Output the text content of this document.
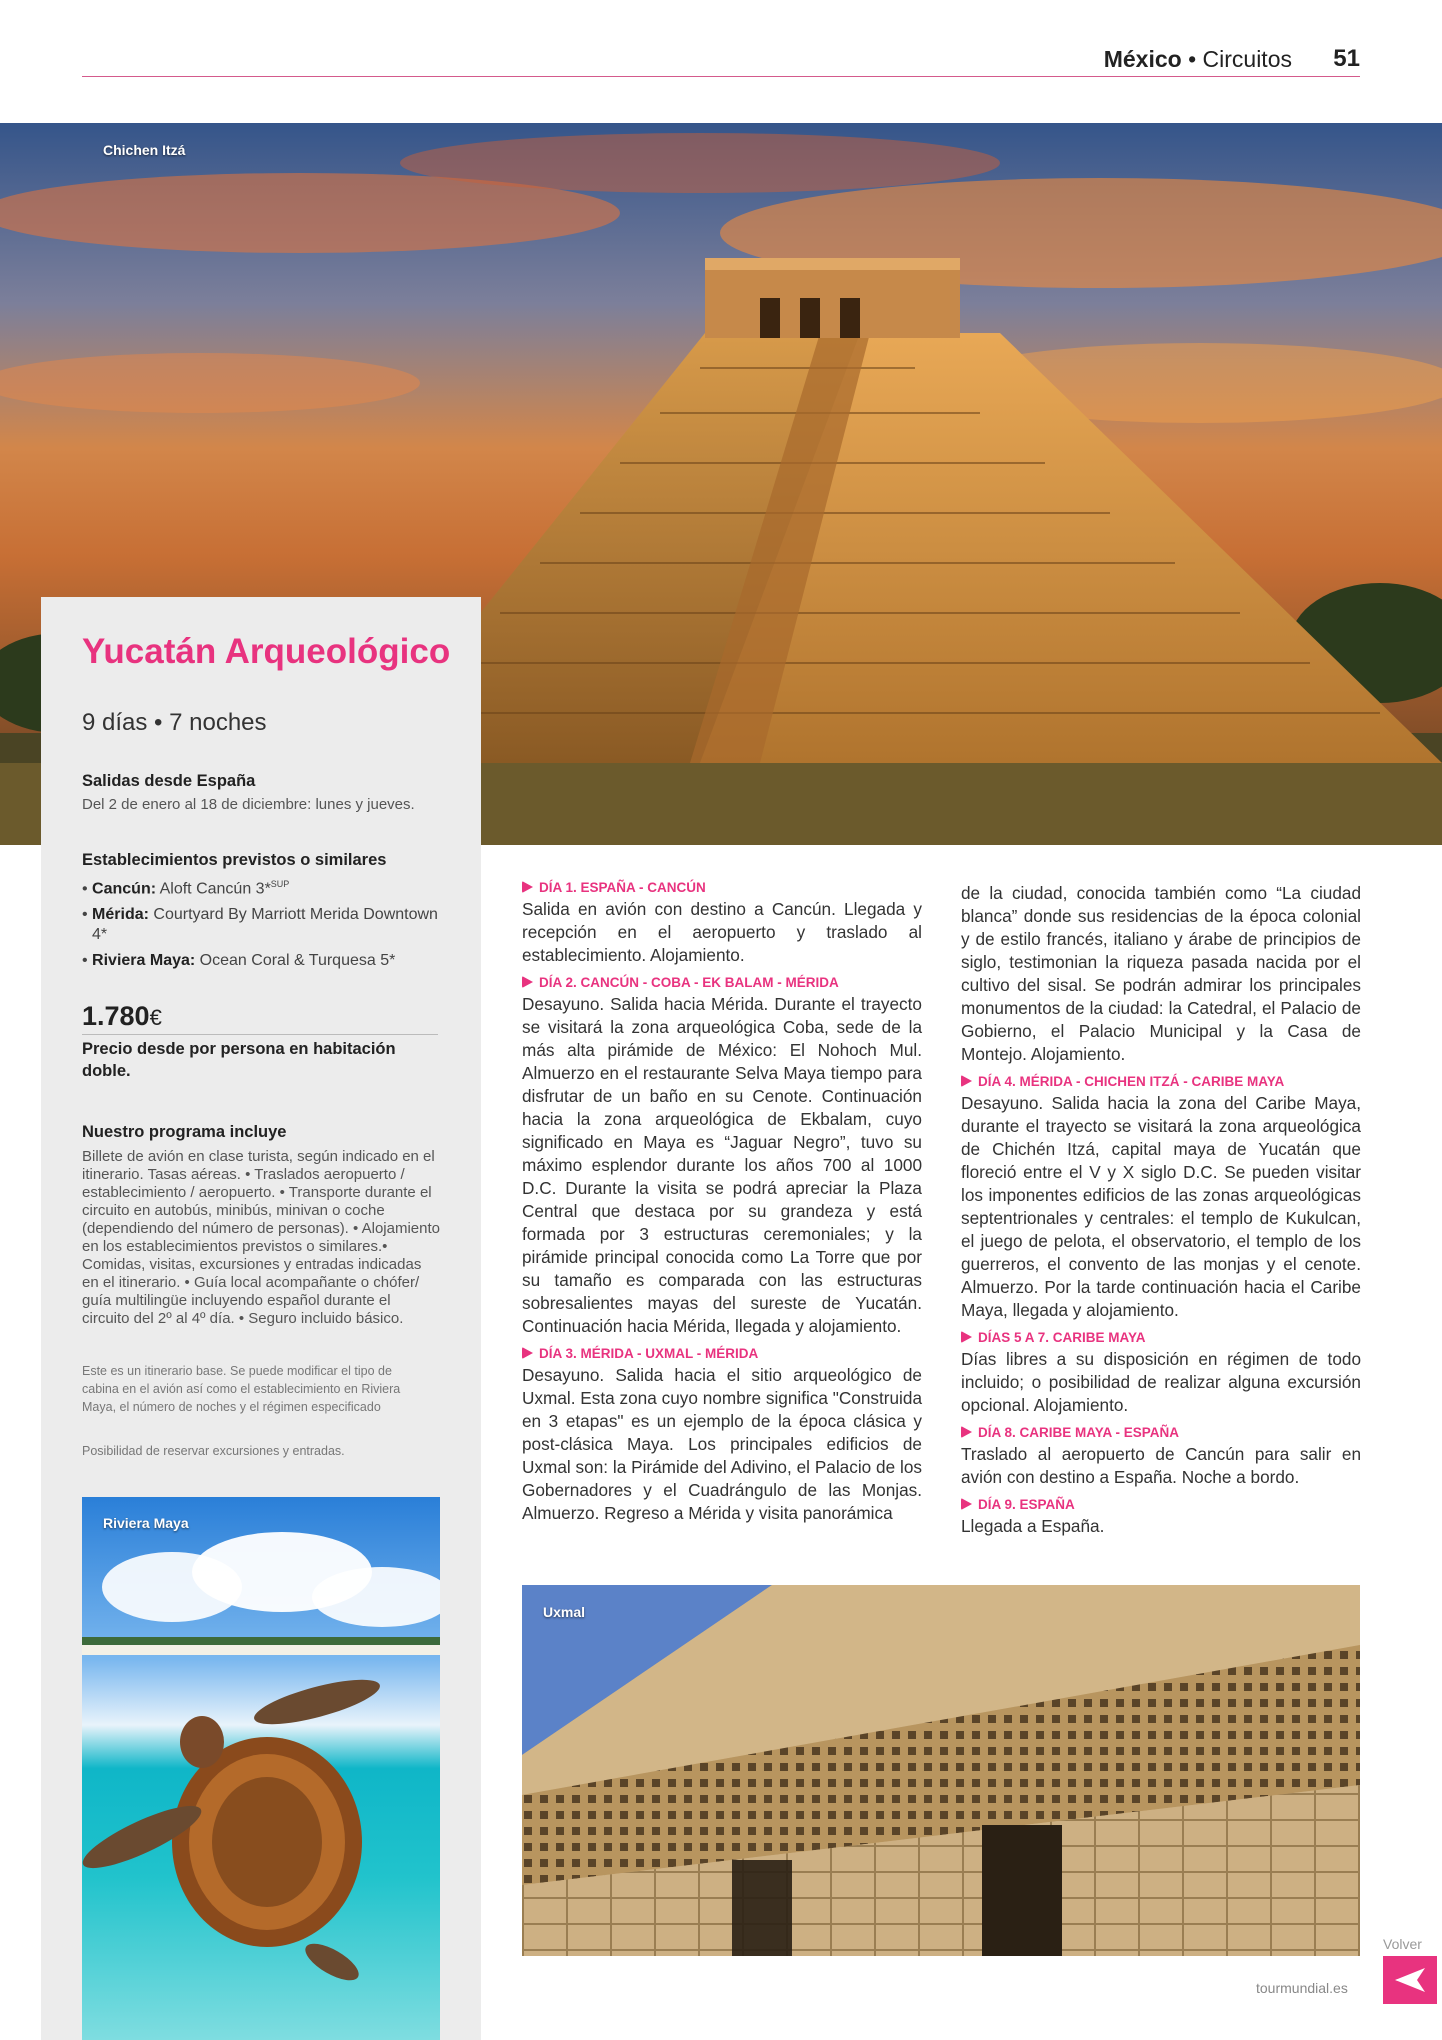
México • Circuitos 51
Chichen Itzá
Yucatán Arqueológico
9 días • 7 noches
Salidas desde España
Del 2 de enero al 18 de diciembre: lunes y jueves.
Establecimientos previstos o similares
• Cancún: Aloft Cancún 3*$^{SUP}$
• Mérida: Courtyard By Marriott Merida Downtown 4*
• Riviera Maya: Ocean Coral & Turquesa 5*
1.780€
Precio desde por persona en habitación doble.
Nuestro programa incluye
Billete de avión en clase turista, según indicado en el itinerario. Tasas aéreas. • Traslados aeropuerto / establecimiento / aeropuerto. • Transporte durante el circuito en autobús, minibús, minivan o coche (dependiendo del número de personas). • Alojamiento en los establecimientos previstos o similares.• Comidas, visitas, excursiones y entradas indicadas en el itinerario. • Guía local acompañante o chófer/ guía multilingüe incluyendo español durante el circuito del 2º al 4º día. • Seguro incluido básico.
Este es un itinerario base. Se puede modificar el tipo de cabina en el avión así como el establecimiento en Riviera Maya, el número de noches y el régimen especificado
Posibilidad de reservar excursiones y entradas.
Riviera Maya
DÍA 1. ESPAÑA - CANCÚN

Salida en avión con destino a Cancún. Llegada y recepción en el aeropuerto y traslado al establecimiento. Alojamiento.

DÍA 2. CANCÚN - COBA - EK BALAM - MÉRIDA

Desayuno. Salida hacia Mérida. Durante el trayecto se visitará la zona arqueológica Coba, sede de la más alta pirámide de México: El Nohoch Mul. Almuerzo en el restaurante Selva Maya tiempo para disfrutar de un baño en su Cenote. Continuación hacia la zona arqueológica de Ekbalam, cuyo significado en Maya es “Jaguar Negro”, tuvo su máximo esplendor durante los años 700 al 1000 D.C. Durante la visita se podrá apreciar la Plaza Central que destaca por su grandeza y está formada por 3 estructuras ceremoniales; y la pirámide principal conocida como La Torre que por su tamaño es comparada con las estructuras sobresalientes mayas del sureste de Yucatán. Continuación hacia Mérida, llegada y alojamiento.

DÍA 3. MÉRIDA - UXMAL - MÉRIDA

Desayuno. Salida hacia el sitio arqueológico de Uxmal. Esta zona cuyo nombre significa "Construida en 3 etapas" es un ejemplo de la época clásica y post-clásica Maya. Los principales edificios de Uxmal son: la Pirámide del Adivino, el Palacio de los Gobernadores y el Cuadrángulo de las Monjas. Almuerzo. Regreso a Mérida y visita panorámica

de la ciudad, conocida también como “La ciudad blanca” donde sus residencias de la época colonial y de estilo francés, italiano y árabe de principios de siglo, testimonian la riqueza pasada nacida por el cultivo del sisal. Se podrán admirar los principales monumentos de la ciudad: la Catedral, el Palacio de Gobierno, el Palacio Municipal y la Casa de Montejo. Alojamiento.

DÍA 4. MÉRIDA - CHICHEN ITZÁ - CARIBE MAYA

Desayuno. Salida hacia la zona del Caribe Maya, durante el trayecto se visitará la zona arqueológica de Chichén Itzá, capital maya de Yucatán que floreció entre el V y X siglo D.C. Se pueden visitar los imponentes edificios de las zonas arqueológicas septentrionales y centrales: el templo de Kukulcan, el juego de pelota, el observatorio, el templo de los guerreros, el convento de las monjas y el cenote. Almuerzo. Por la tarde continuación hacia el Caribe Maya, llegada y alojamiento.

DÍAS 5 A 7. CARIBE MAYA

Días libres a su disposición en régimen de todo incluido; o posibilidad de realizar alguna excursión opcional. Alojamiento.

DÍA 8. CARIBE MAYA - ESPAÑA

Traslado al aeropuerto de Cancún para salir en avión con destino a España. Noche a bordo.

DÍA 9. ESPAÑA

Llegada a España.

Uxmal
tourmundial.es
Volver
